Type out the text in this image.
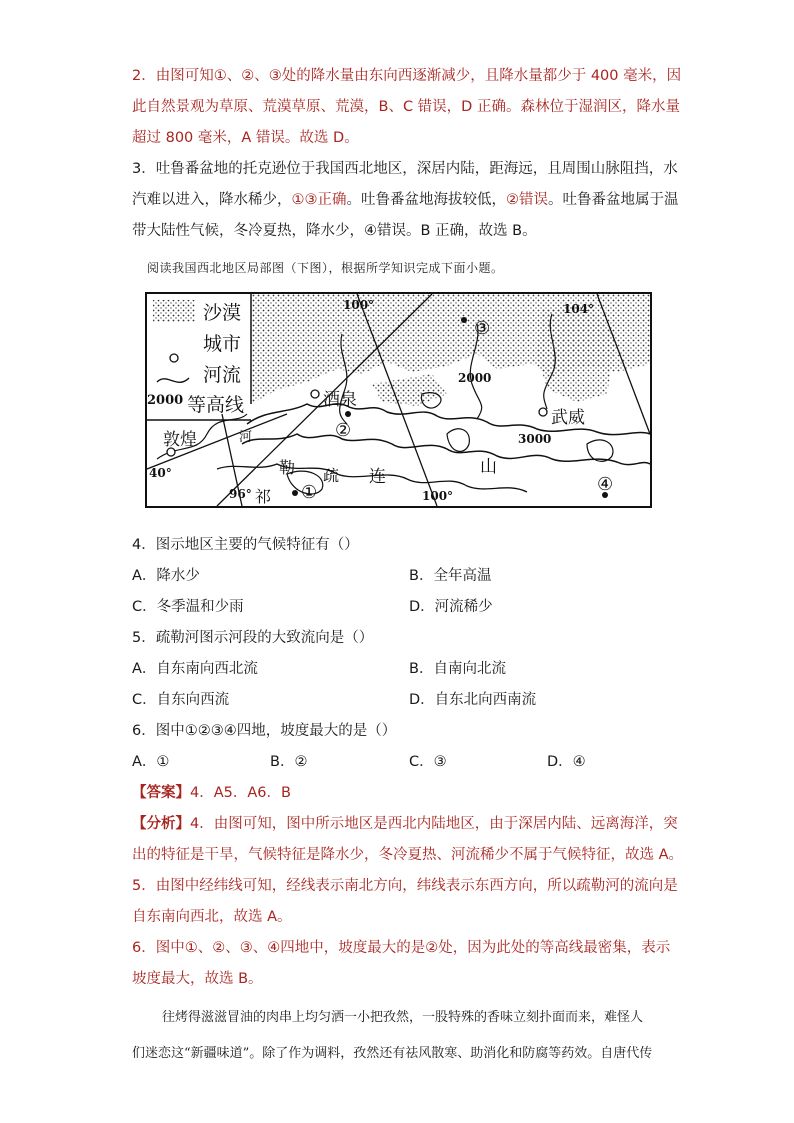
2．由图可知①、②、③处的降水量由东向西逐渐减少，且降水量都少于 400 毫米，因
此自然景观为草原、荒漠草原、荒漠，B、C 错误，D 正确。森林位于湿润区，降水量
超过 800 毫米，A 错误。故选 D。
3．吐鲁番盆地的托克逊位于我国西北地区，深居内陆，距海远，且周围山脉阻挡，水
汽难以进入，降水稀少，①③正确。吐鲁番盆地海拔较低，②错误。吐鲁番盆地属于温
带大陆性气候，冬冷夏热，降水少，④错误。B 正确，故选 B。
阅读我国西北地区局部图（下图），根据所学知识完成下面小题。
沙漠
城市
河流
2000 等高线	酒泉
武威
敦煌
100°	104°
96°	100°
40°
2000
3000
河
祁
勒 疏 连	山
①
②
③
④
4．图示地区主要的气候特征有（）
A．降水少	B．全年高温
C．冬季温和少雨	D．河流稀少
5．疏勒河图示河段的大致流向是（）
A．自东南向西北流	B．自南向北流
C．自东向西流	D．自东北向西南流
6．图中①②③④四地，坡度最大的是（）
A．①	B．②	C．③	D．④
【答案】4．A5．A6．B
【分析】4．由图可知，图中所示地区是西北内陆地区，由于深居内陆、远离海洋，突
出的特征是干旱，气候特征是降水少，冬冷夏热、河流稀少不属于气候特征，故选 A。
5．由图中经纬线可知，经线表示南北方向，纬线表示东西方向，所以疏勒河的流向是
自东南向西北，故选 A。
6．图中①、②、③、④四地中，坡度最大的是②处，因为此处的等高线最密集，表示
坡度最大，故选 B。
往烤得滋滋冒油的肉串上均匀洒一小把孜然，一股特殊的香味立刻扑面而来，难怪人
们迷恋这“新疆味道”。除了作为调料，孜然还有祛风散寒、助消化和防腐等药效。自唐代传
